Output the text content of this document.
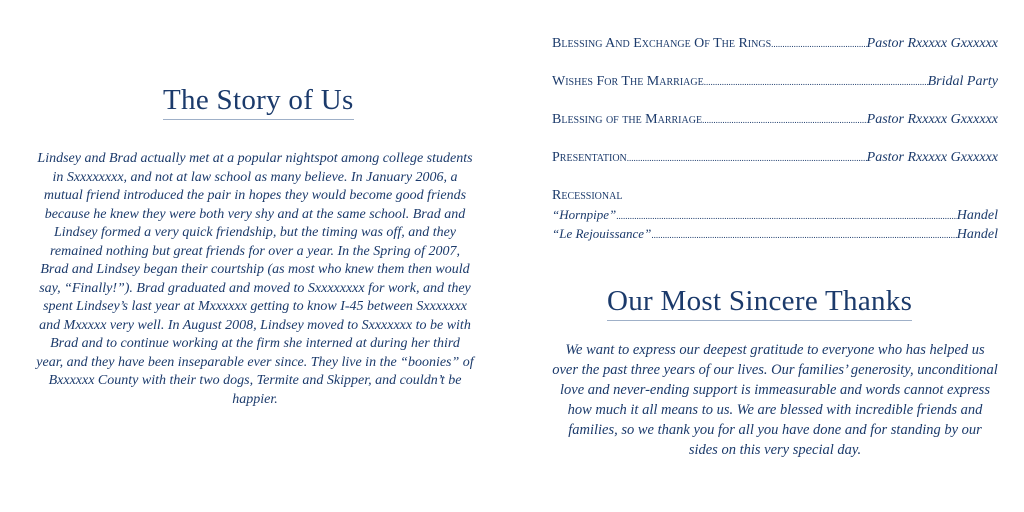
The Story of Us

Lindsey and Brad actually met at a popular nightspot among college students in Sxxxxxxxx, and not at law school as many believe. In January 2006, a mutual friend introduced the pair in hopes they would become good friends because he knew they were both very shy and at the same school. Brad and Lindsey formed a very quick friendship, but the timing was off, and they remained nothing but great friends for over a year. In the Spring of 2007, Brad and Lindsey began their courtship (as most who knew them then would say, “Finally!”). Brad graduated and moved to Sxxxxxxxx for work, and they spent Lindsey’s last year at Mxxxxxx getting to know I-45 between Sxxxxxxx and Mxxxxx very well. In August 2008, Lindsey moved to Sxxxxxxx to be with Brad and to continue working at the firm she interned at during her third year, and they have been inseparable ever since. They live in the “boonies” of Bxxxxxx County with their two dogs, Termite and Skipper, and couldn’t be happier.

Blessing And Exchange Of The Rings .....	Pastor Rxxxxx Gxxxxxx
Wishes For The Marriage .....	Bridal Party
Blessing of the Marriage .....	Pastor Rxxxxx Gxxxxxx
Presentation .....	Pastor Rxxxxx Gxxxxxx
Recessional
“Hornpipe” .....	Handel
“Le Rejouissance” .....	Handel
Our Most Sincere Thanks

We want to express our deepest gratitude to everyone who has helped us over the past three years of our lives. Our families’ generosity, unconditional love and never-ending support is immeasurable and words cannot express how much it all means to us. We are blessed with incredible friends and families, so we thank you for all you have done and for standing by our sides on this very special day.
